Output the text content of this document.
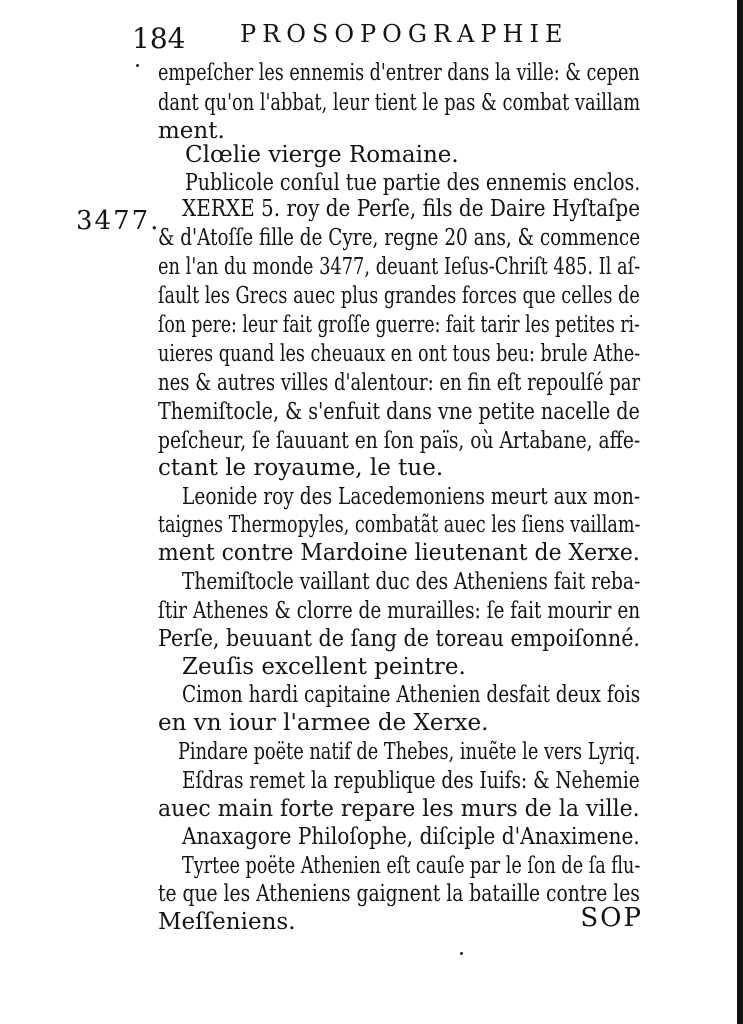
184 PROSOPOGRAPHIE
3477.
empeſcher les ennemis d'entrer dans la ville: & cepen
dant qu'on l'abbat, leur tient le pas & combat vaillam
ment.
Clœlie vierge Romaine.
Publicole conſul tue partie des ennemis enclos.
XERXE 5. roy de Perſe, fils de Daire Hyſtaſpe
& d'Atoſſe fille de Cyre, regne 20 ans, & commence
en l'an du monde 3477, deuant Ieſus-Chriſt 485. Il aſ-
ſault les Grecs auec plus grandes forces que celles de
ſon pere: leur fait groſſe guerre: fait tarir les petites ri-
uieres quand les cheuaux en ont tous beu: brule Athe-
nes & autres villes d'alentour: en fin eſt repoulſé par
Themiſtocle, & s'enfuit dans vne petite nacelle de
peſcheur, ſe ſauuant en ſon païs, où Artabane, affe-
ctant le royaume, le tue.
Leonide roy des Lacedemoniens meurt aux mon-
taignes Thermopyles, combatãt auec les ſiens vaillam-
ment contre Mardoine lieutenant de Xerxe.
Themiſtocle vaillant duc des Atheniens fait reba-
ſtir Athenes & clorre de murailles: ſe fait mourir en
Perſe, beuuant de ſang de toreau empoiſonné.
Zeuſis excellent peintre.
Cimon hardi capitaine Athenien desfait deux fois
en vn iour l'armee de Xerxe.
Pindare poëte natif de Thebes, inuẽte le vers Lyriq.
Eſdras remet la republique des Iuifs: & Nehemie
auec main forte repare les murs de la ville.
Anaxagore Philoſophe, diſciple d'Anaximene.
Tyrtee poëte Athenien eſt cauſe par le ſon de ſa flu-
te que les Atheniens gaignent la bataille contre les
Meſſeniens.	SOP
